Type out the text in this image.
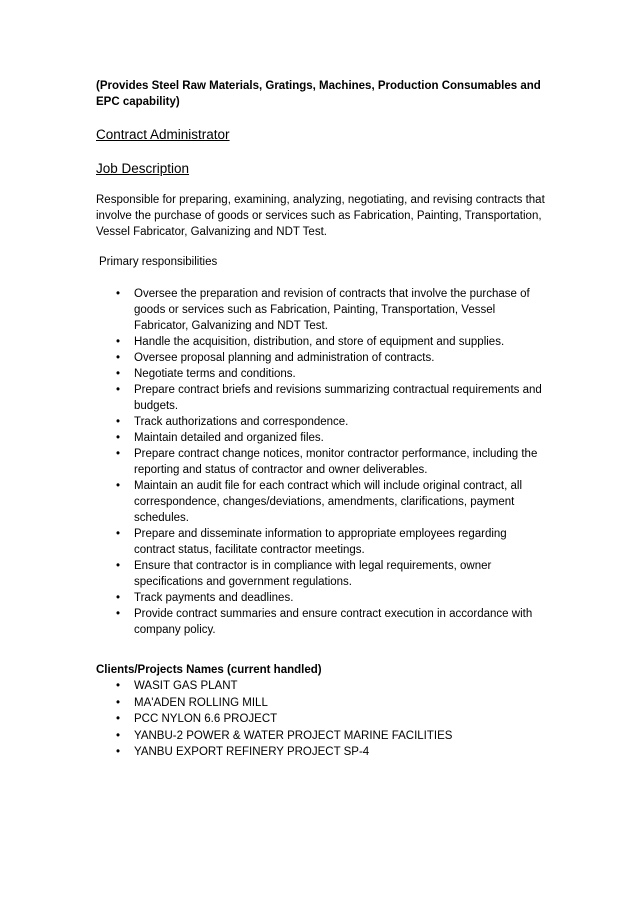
(Provides Steel Raw Materials, Gratings, Machines, Production Consumables and EPC capability)
Contract Administrator
Job Description
Responsible for preparing, examining, analyzing, negotiating, and revising contracts that involve the purchase of goods or services such as Fabrication, Painting, Transportation, Vessel Fabricator, Galvanizing and NDT Test.
Primary responsibilities
• Oversee the preparation and revision of contracts that involve the purchase of goods or services such as Fabrication, Painting, Transportation, Vessel Fabricator, Galvanizing and NDT Test.
• Handle the acquisition, distribution, and store of equipment and supplies.
• Oversee proposal planning and administration of contracts.
• Negotiate terms and conditions.
• Prepare contract briefs and revisions summarizing contractual requirements and budgets.
• Track authorizations and correspondence.
• Maintain detailed and organized files.
• Prepare contract change notices, monitor contractor performance, including the reporting and status of contractor and owner deliverables.
• Maintain an audit file for each contract which will include original contract, all correspondence, changes/deviations, amendments, clarifications, payment schedules.
• Prepare and disseminate information to appropriate employees regarding contract status, facilitate contractor meetings.
• Ensure that contractor is in compliance with legal requirements, owner specifications and government regulations.
• Track payments and deadlines.
• Provide contract summaries and ensure contract execution in accordance with company policy.
Clients/Projects Names (current handled)
• WASIT GAS PLANT
• MA'ADEN ROLLING MILL
• PCC NYLON 6.6 PROJECT
• YANBU-2 POWER & WATER PROJECT MARINE FACILITIES
• YANBU EXPORT REFINERY PROJECT SP-4
